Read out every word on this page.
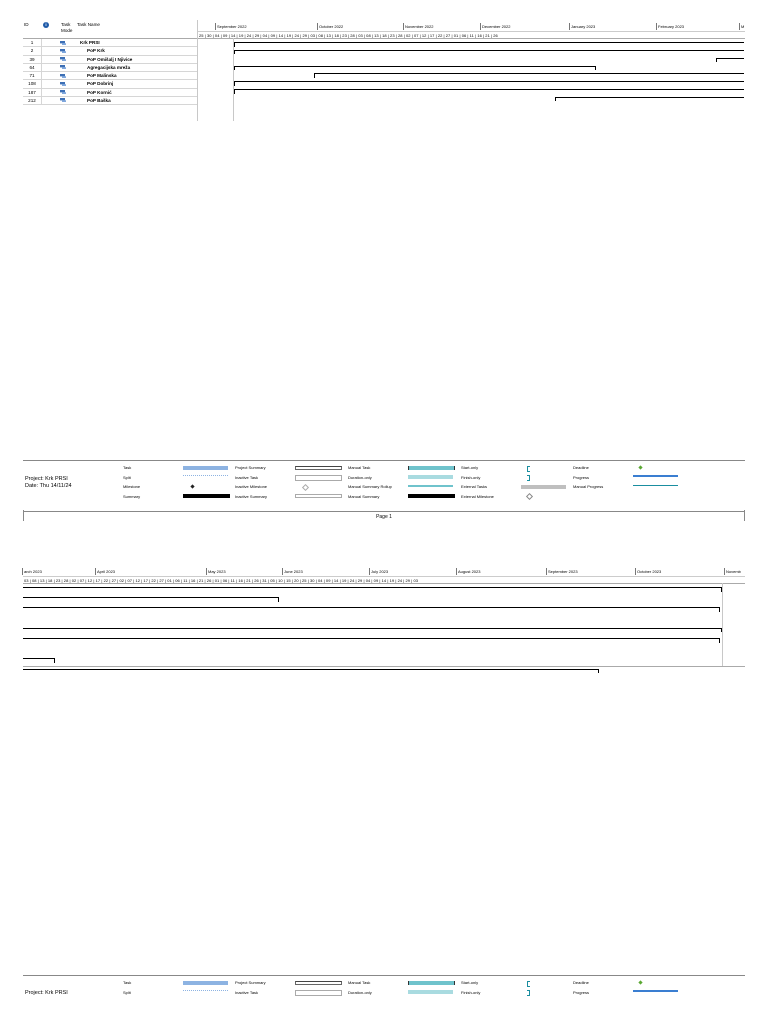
ID	i	Task Mode
Task Name
1	Krk PRSI
2	PoP Krk
39	PoP Omišalj I Njivice
64	Agregacijska mreža
71	PoP Malinska
108	PoP Dobrinj
187	PoP Kornić
212	PoP Baška
September 2022	October 2022	November 2022	December 2022	January 2023	February 2023	M
25 | 30 | 04 | 09 | 14 | 19 | 24 | 29 | 04 | 09 | 14 | 19 | 24 | 29 | 03 | 08 | 13 | 18 | 23 | 28 | 03 | 08 | 13 | 18 | 23 | 28 | 02 | 07 | 12 | 17 | 22 | 27 | 01 | 06 | 11 | 16 | 21 | 26
Project: Krk PRSI
Date: Thu 14/11/24
Task
Split
Milestone
Summary
Project Summary
Inactive Task
Inactive Milestone
Inactive Summary
Manual Task
Duration-only
Manual Summary Rollup
Manual Summary
Start-only
Finish-only
External Tasks
External Milestone
Deadline
Progress
Manual Progress
Page 1
arch 2023	April 2023	May 2023	June 2023	July 2023	August 2023	September 2023	October 2023	Novemb
03 | 08 | 13 | 18 | 23 | 28 | 02 | 07 | 12 | 17 | 22 | 27 | 02 | 07 | 12 | 17 | 22 | 27 | 01 | 06 | 11 | 16 | 21 | 26 | 01 | 06 | 11 | 16 | 21 | 26 | 31 | 05 | 10 | 15 | 20 | 25 | 30 | 04 | 09 | 14 | 19 | 24 | 29 | 04 | 09 | 14 | 19 | 24 | 29 | 03
Project: Krk PRSI
Task
Split
Project Summary
Inactive Task
Manual Task
Duration-only
Start-only
Finish-only
Deadline
Progress
